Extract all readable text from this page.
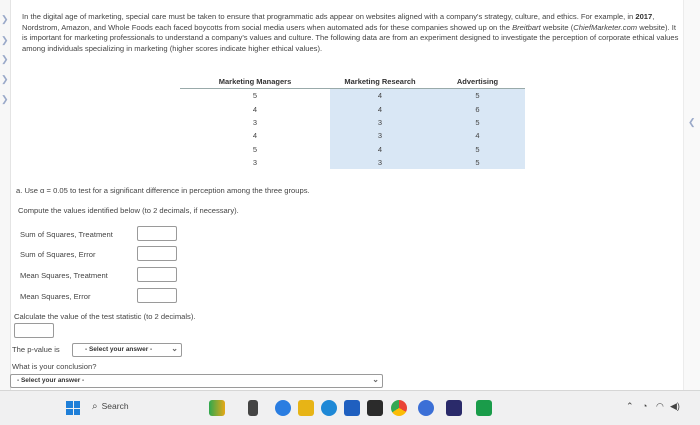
❯
❯
❯
❯
❯
❮

In the digital age of marketing, special care must be taken to ensure that programmatic ads appear on websites aligned with a company's strategy, culture, and ethics. For example, in 2017, Nordstrom, Amazon, and Whole Foods each faced boycotts from social media users when automated ads for these companies showed up on the Breitbart website (ChiefMarketer.com website). It is important for marketing professionals to understand a company's values and culture. The following data are from an experiment designed to investigate the perception of corporate ethical values among individuals specializing in marketing (higher scores indicate higher ethical values).

Marketing Managers	Marketing Research	Advertising
5	4	5
4	4	6
3	3	5
4	3	4
5	4	5
3	3	5
a. Use α = 0.05 to test for a significant difference in perception among the three groups.
Compute the values identified below (to 2 decimals, if necessary).
Sum of Squares, Treatment
Sum of Squares, Error
Mean Squares, Treatment
Mean Squares, Error
Calculate the value of the test statistic (to 2 decimals).
The p-value is	- Select your answer - ⌄
What is your conclusion?
- Select your answer -	⌄
⌕ Search	⌃ ◔ ◠ ◀)
